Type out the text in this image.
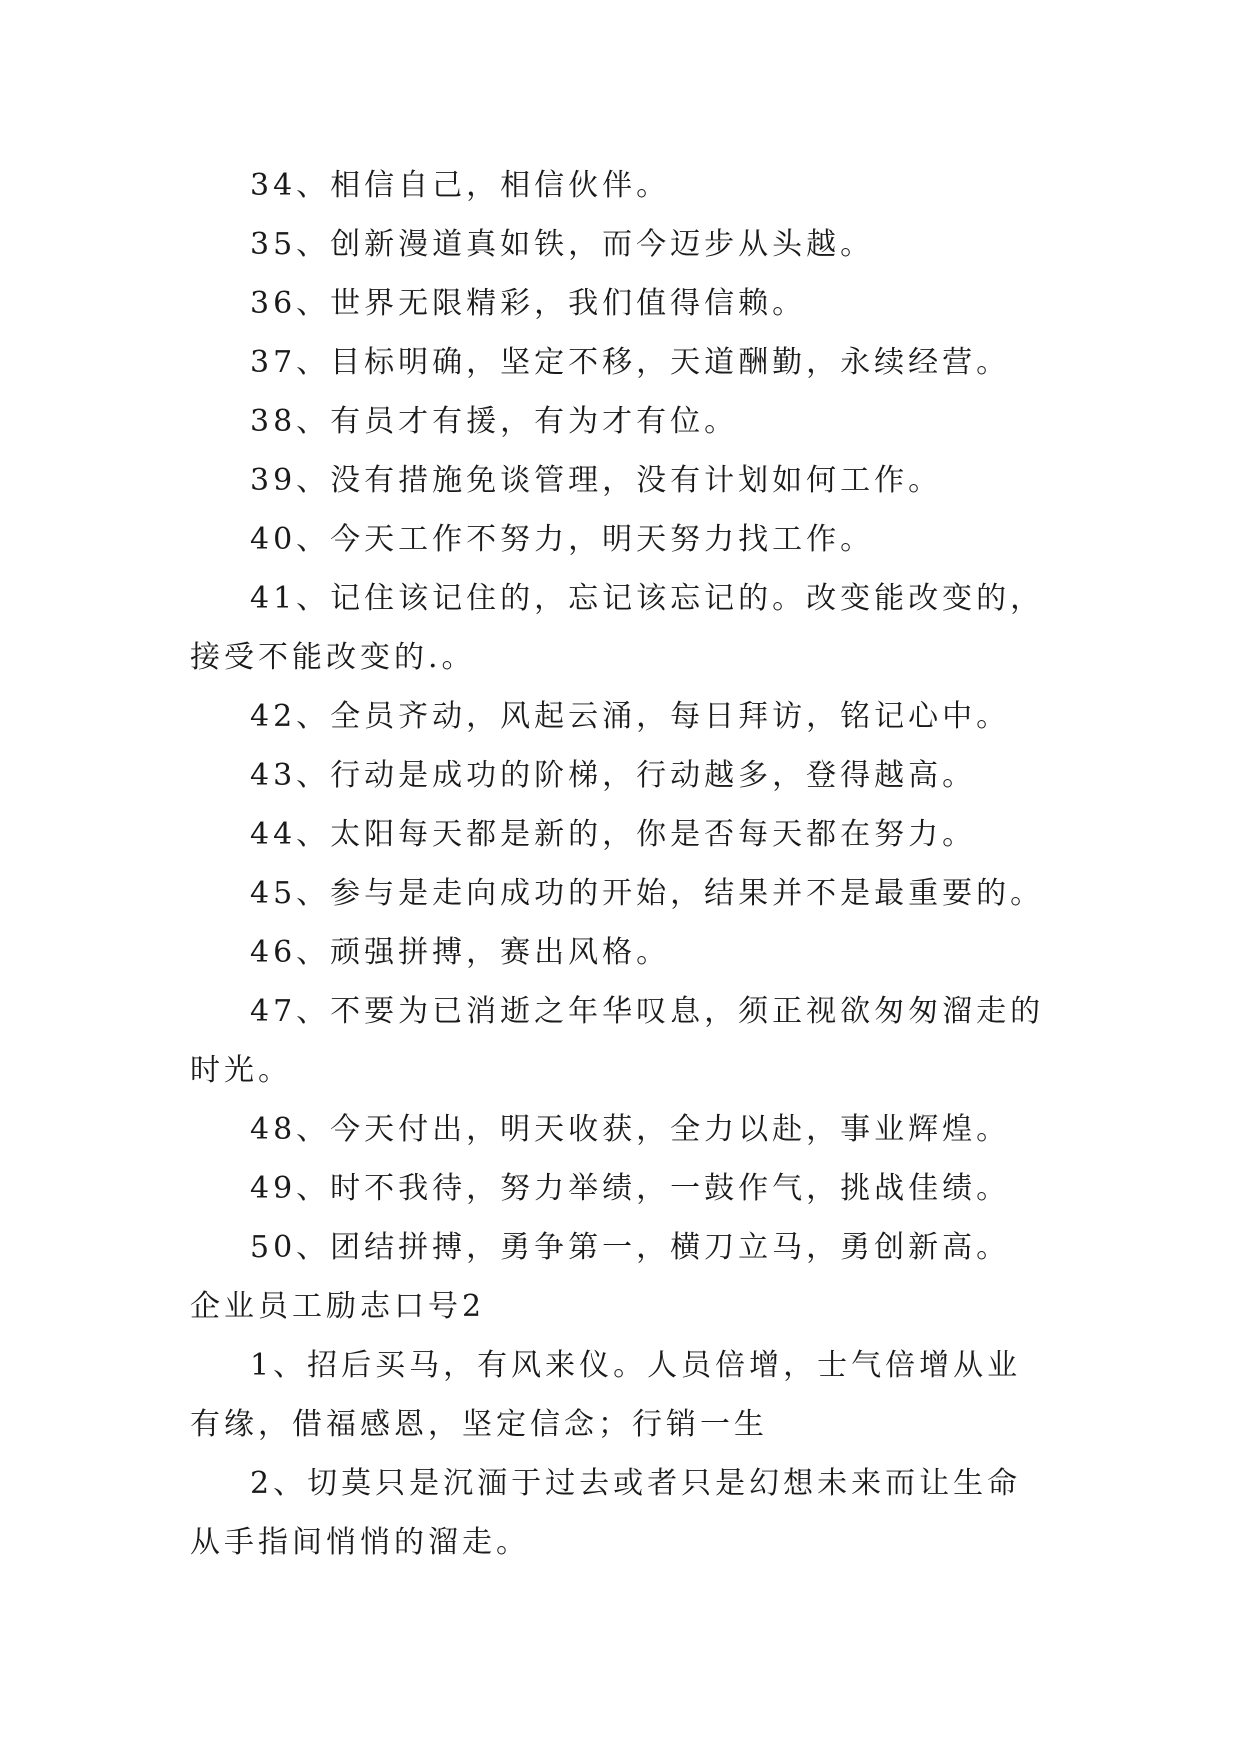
34、相信自己，相信伙伴。

35、创新漫道真如铁，而今迈步从头越。

36、世界无限精彩，我们值得信赖。

37、目标明确，坚定不移，天道酬勤，永续经营。

38、有员才有援，有为才有位。

39、没有措施免谈管理，没有计划如何工作。

40、今天工作不努力，明天努力找工作。

41、记住该记住的，忘记该忘记的。改变能改变的，接受不能改变的.。

42、全员齐动，风起云涌，每日拜访，铭记心中。

43、行动是成功的阶梯，行动越多，登得越高。

44、太阳每天都是新的，你是否每天都在努力。

45、参与是走向成功的开始，结果并不是最重要的。

46、顽强拼搏，赛出风格。

47、不要为已消逝之年华叹息，须正视欲匆匆溜走的时光。

48、今天付出，明天收获，全力以赴，事业辉煌。

49、时不我待，努力举绩，一鼓作气，挑战佳绩。

50、团结拼搏，勇争第一，横刀立马，勇创新高。

企业员工励志口号2

1、招后买马，有风来仪。人员倍增，士气倍增从业有缘，借福感恩，坚定信念；行销一生

2、切莫只是沉湎于过去或者只是幻想未来而让生命从手指间悄悄的溜走。
